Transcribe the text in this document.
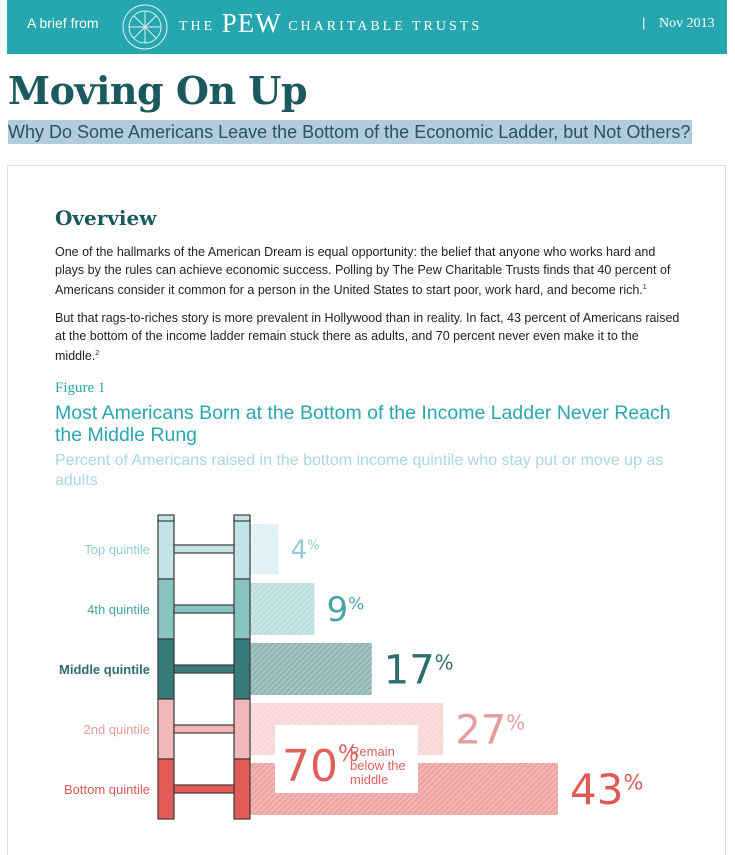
A brief from	THE PEW CHARITABLE TRUSTS	| Nov 2013
Moving On Up
Why Do Some Americans Leave the Bottom of the Economic Ladder, but Not Others?
Overview

One of the hallmarks of the American Dream is equal opportunity: the belief that anyone who works hard and plays by the rules can achieve economic success. Polling by The Pew Charitable Trusts finds that 40 percent of Americans consider it common for a person in the United States to start poor, work hard, and become rich.$^1$

But that rags-to-riches story is more prevalent in Hollywood than in reality. In fact, 43 percent of Americans raised at the bottom of the income ladder remain stuck there as adults, and 70 percent never even make it to the middle.$^2$

Figure 1
Most Americans Born at the Bottom of the Income Ladder Never Reach the Middle Rung

Percent of Americans raised in the bottom income quintile who stay put or move up as adults

Top quintile
4th quintile
Middle quintile
2nd quintile
Bottom quintile
4%
9%
17%
27%
43%
70%
Remain
below the
middle
